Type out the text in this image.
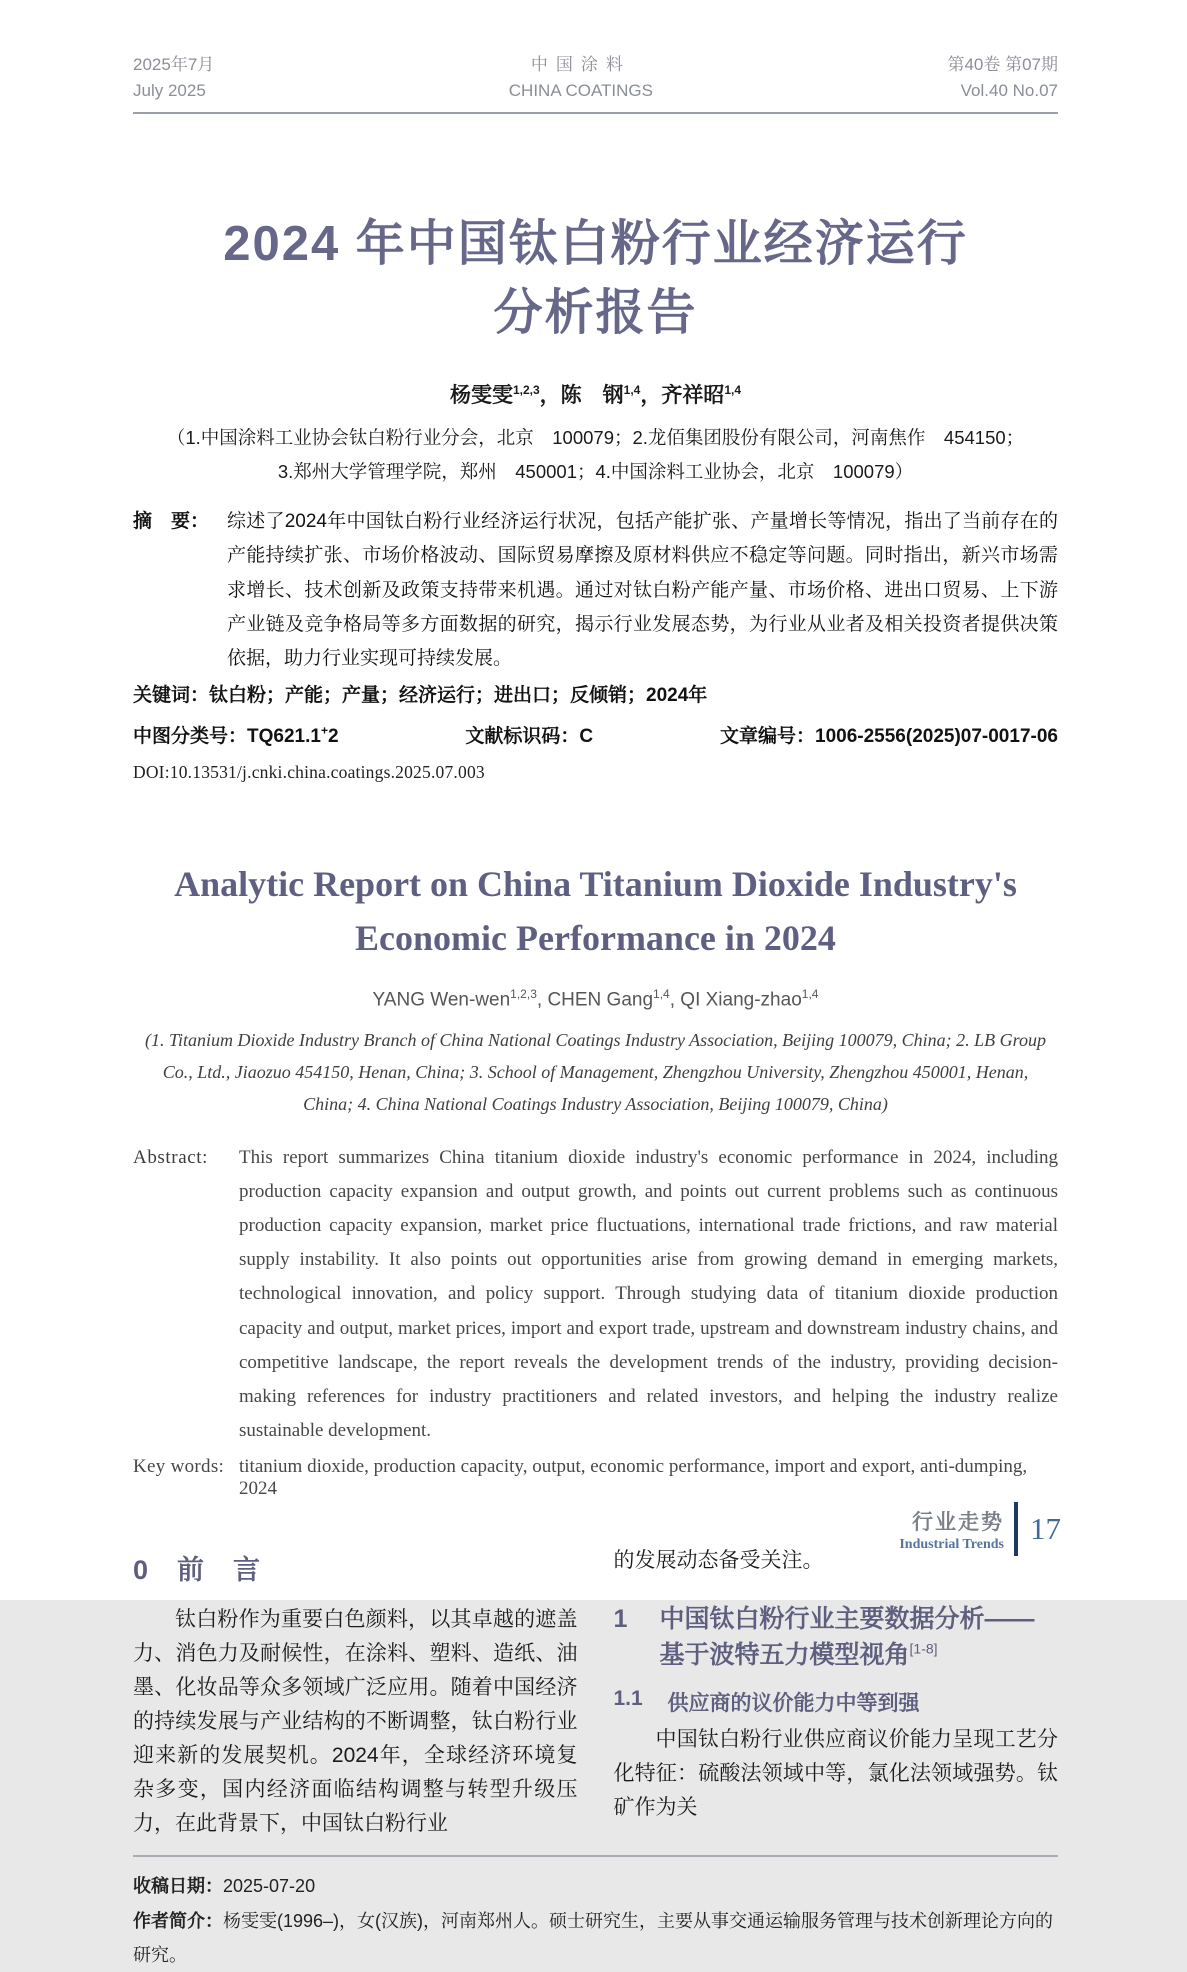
2025年7月
July 2025
中国涂料
CHINA COATINGS
第40卷 第07期
Vol.40 No.07
2024 年中国钛白粉行业经济运行
分析报告
杨雯雯$^{1,2,3}$，陈　钢$^{1,4}$，齐祥昭$^{1,4}$
（1.中国涂料工业协会钛白粉行业分会，北京　100079；2.龙佰集团股份有限公司，河南焦作　454150；3.郑州大学管理学院，郑州　450001；4.中国涂料工业协会，北京　100079）
摘　要： 综述了2024年中国钛白粉行业经济运行状况，包括产能扩张、产量增长等情况，指出了当前存在的产能持续扩张、市场价格波动、国际贸易摩擦及原材料供应不稳定等问题。同时指出，新兴市场需求增长、技术创新及政策支持带来机遇。通过对钛白粉产能产量、市场价格、进出口贸易、上下游产业链及竞争格局等多方面数据的研究，揭示行业发展态势，为行业从业者及相关投资者提供决策依据，助力行业实现可持续发展。
关键词：钛白粉；产能；产量；经济运行；进出口；反倾销；2024年
中图分类号：TQ621.1+2	文献标识码：C	文章编号：1006-2556(2025)07-0017-06
DOI:10.13531/j.cnki.china.coatings.2025.07.003
Analytic Report on China Titanium Dioxide Industry's
Economic Performance in 2024
YANG Wen-wen$^{1,2,3}$, CHEN Gang$^{1,4}$, QI Xiang-zhao$^{1,4}$
(1. Titanium Dioxide Industry Branch of China National Coatings Industry Association, Beijing 100079, China; 2. LB Group Co., Ltd., Jiaozuo 454150, Henan, China; 3. School of Management, Zhengzhou University, Zhengzhou 450001, Henan, China; 4. China National Coatings Industry Association, Beijing 100079, China)
Abstract:	This report summarizes China titanium dioxide industry's economic performance in 2024, including production capacity expansion and output growth, and points out current problems such as continuous production capacity expansion, market price fluctuations, international trade frictions, and raw material supply instability. It also points out opportunities arise from growing demand in emerging markets, technological innovation, and policy support. Through studying data of titanium dioxide production capacity and output, market prices, import and export trade, upstream and downstream industry chains, and competitive landscape, the report reveals the development trends of the industry, providing decision-making references for industry practitioners and related investors, and helping the industry realize sustainable development.
Key words: titanium dioxide, production capacity, output, economic performance, import and export, anti-dumping, 2024
0　前　言

钛白粉作为重要白色颜料，以其卓越的遮盖力、消色力及耐候性，在涂料、塑料、造纸、油墨、化妆品等众多领域广泛应用。随着中国经济的持续发展与产业结构的不断调整，钛白粉行业迎来新的发展契机。2024年，全球经济环境复杂多变，国内经济面临结构调整与转型升级压力，在此背景下，中国钛白粉行业

的发展动态备受关注。

1	中国钛白粉行业主要数据分析——基于波特五力模型视角[1-8]
1.1	供应商的议价能力中等到强

中国钛白粉行业供应商议价能力呈现工艺分化特征：硫酸法领域中等，氯化法领域强势。钛矿作为关

收稿日期：2025-07-20
作者简介：杨雯雯(1996–)，女(汉族)，河南郑州人。硕士研究生，主要从事交通运输服务管理与技术创新理论方向的研究。
行业走势
Industrial Trends 17
